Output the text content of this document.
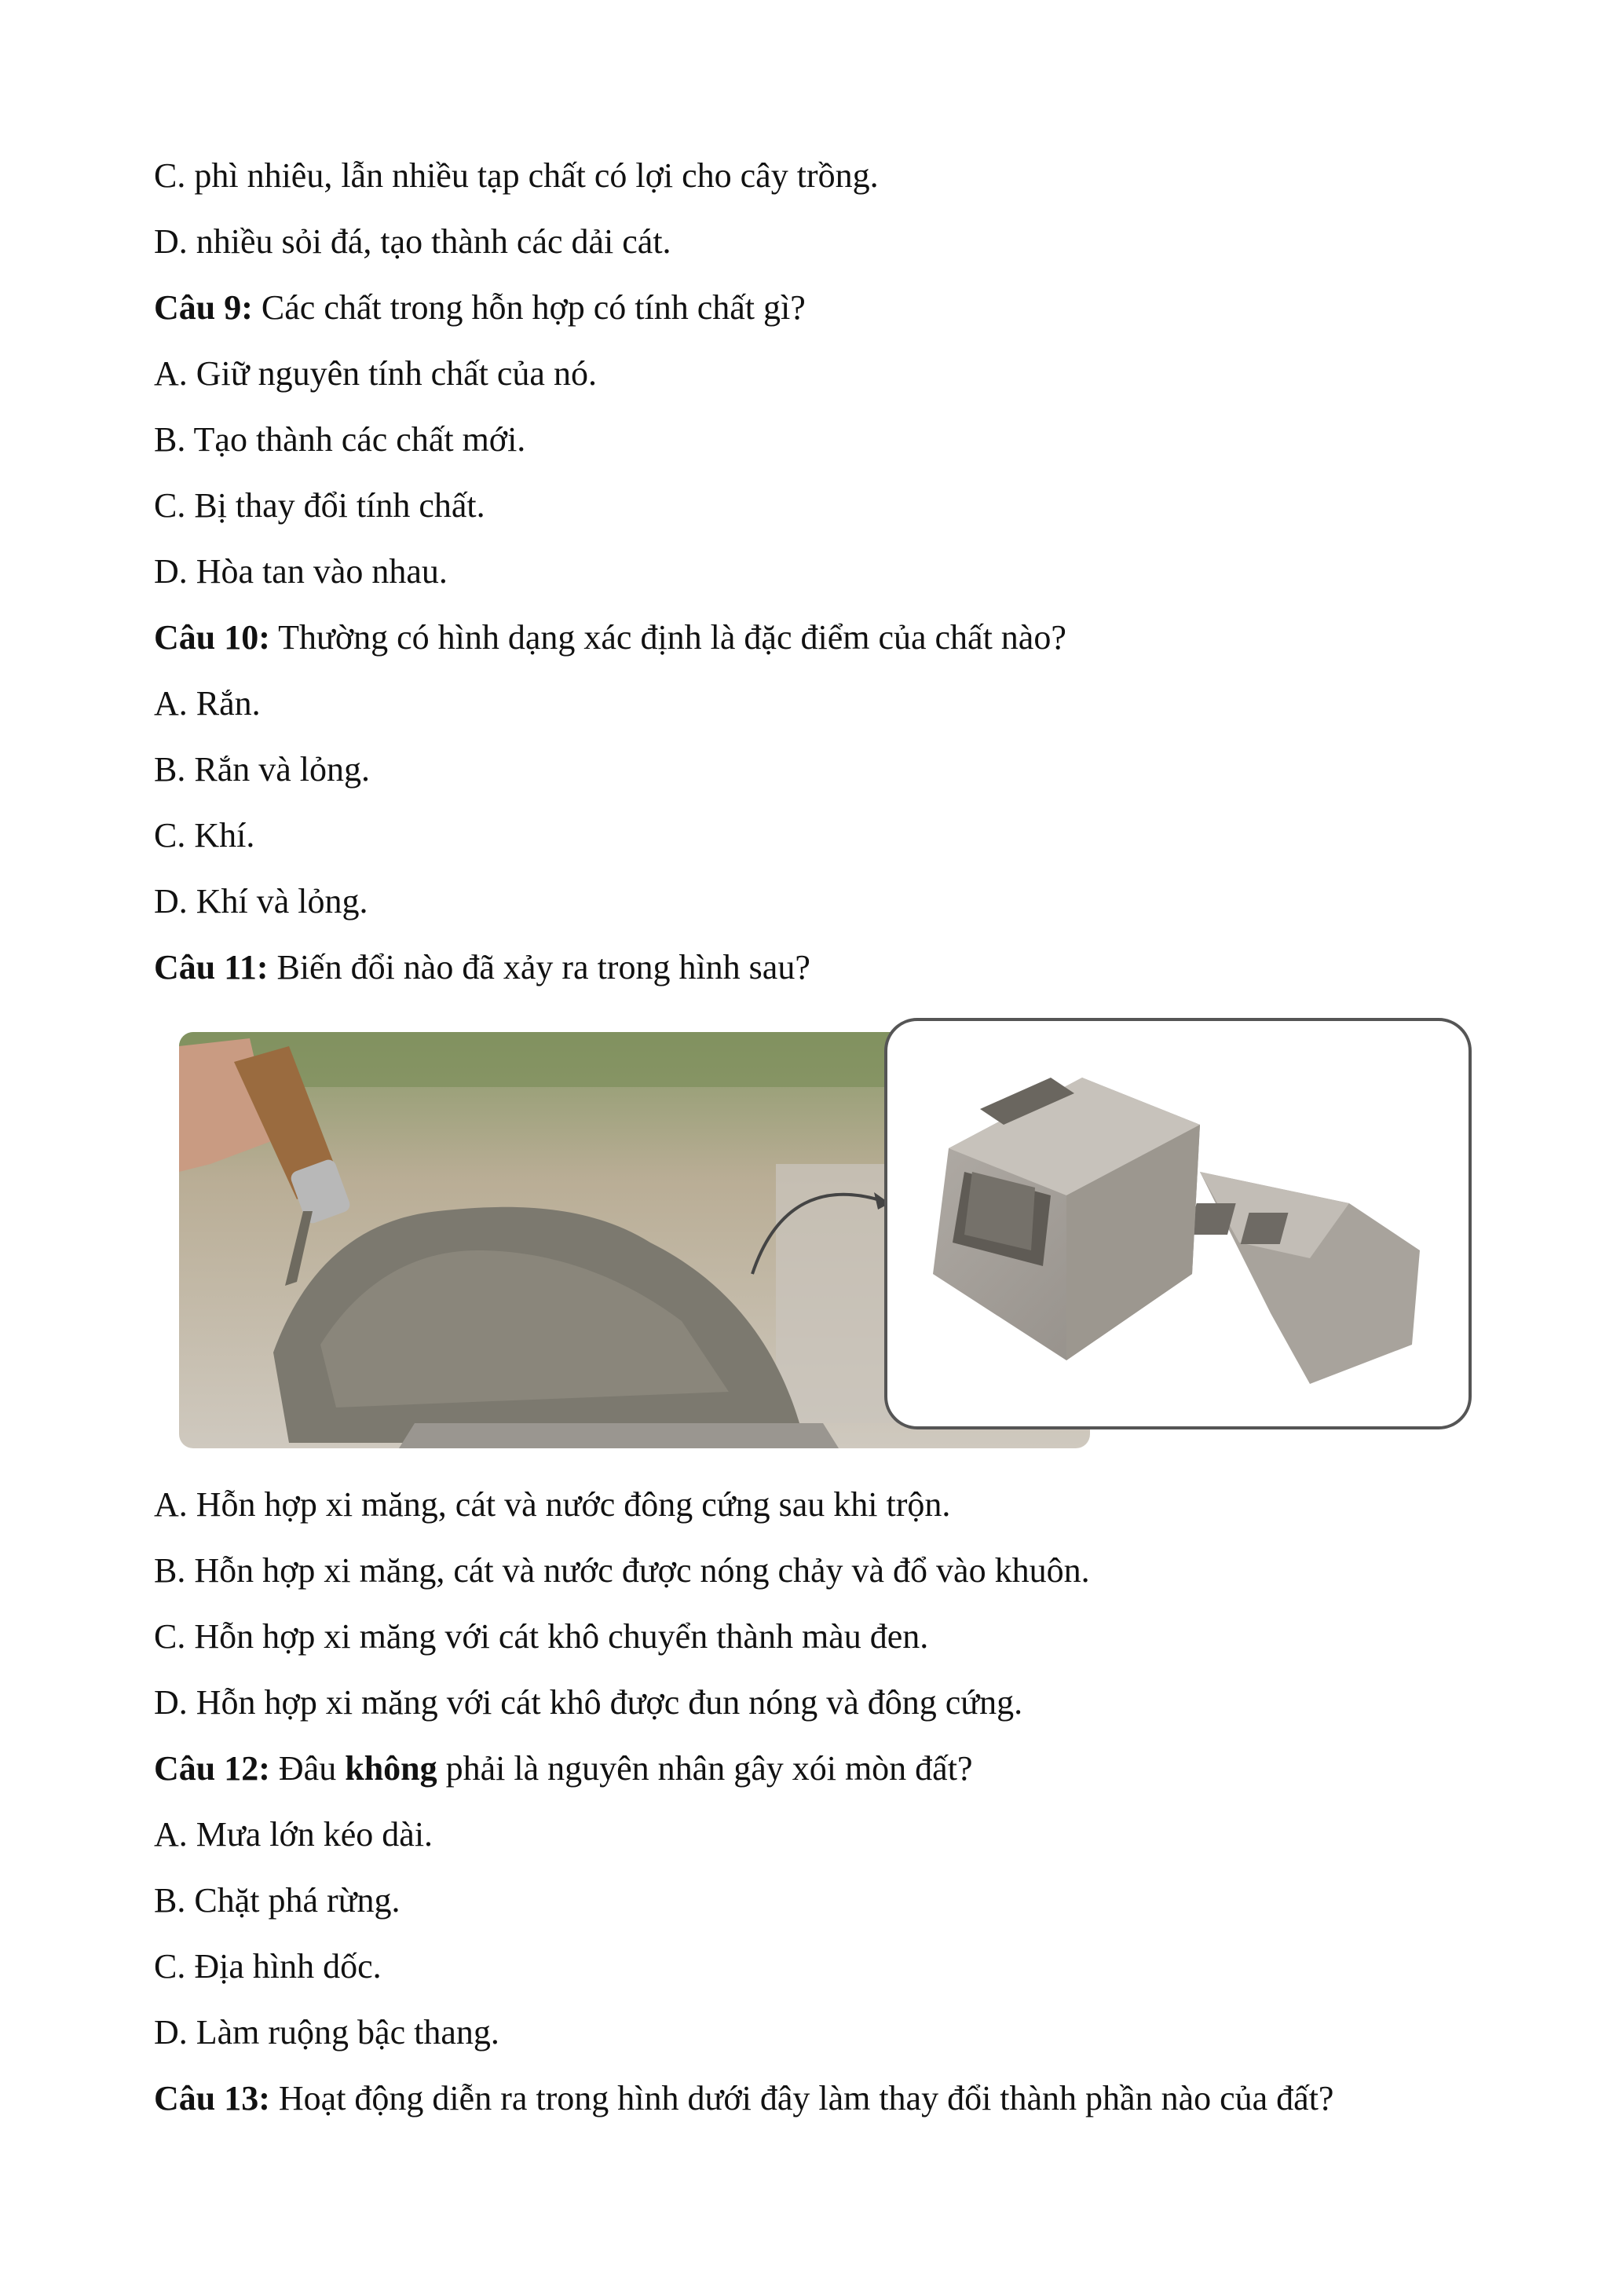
C. phì nhiêu, lẫn nhiều tạp chất có lợi cho cây trồng.
D. nhiều sỏi đá, tạo thành các dải cát.
Câu 9: Các chất trong hỗn hợp có tính chất gì?
A. Giữ nguyên tính chất của nó.
B. Tạo thành các chất mới.
C. Bị thay đổi tính chất.
D. Hòa tan vào nhau.
Câu 10: Thường có hình dạng xác định là đặc điểm của chất nào?
A. Rắn.
B. Rắn và lỏng.
C. Khí.
D. Khí và lỏng.
Câu 11: Biến đổi nào đã xảy ra trong hình sau?
A. Hỗn hợp xi măng, cát và nước đông cứng sau khi trộn.
B. Hỗn hợp xi măng, cát và nước được nóng chảy và đổ vào khuôn.
C. Hỗn hợp xi măng với cát khô chuyển thành màu đen.
D. Hỗn hợp xi măng với cát khô được đun nóng và đông cứng.
Câu 12: Đâu không phải là nguyên nhân gây xói mòn đất?
A. Mưa lớn kéo dài.
B. Chặt phá rừng.
C. Địa hình dốc.
D. Làm ruộng bậc thang.
Câu 13: Hoạt động diễn ra trong hình dưới đây làm thay đổi thành phần nào của đất?
